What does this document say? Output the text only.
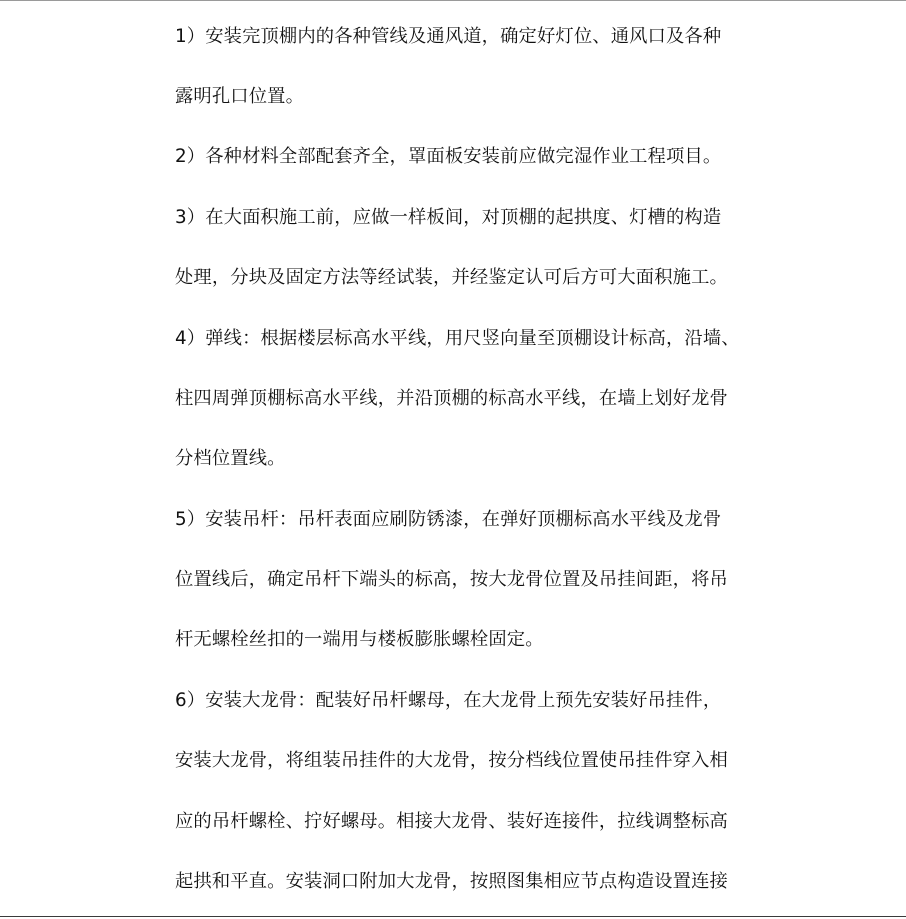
1）安装完顶棚内的各种管线及通风道，确定好灯位、通风口及各种
露明孔口位置。
2）各种材料全部配套齐全，罩面板安装前应做完湿作业工程项目。
3）在大面积施工前，应做一样板间，对顶棚的起拱度、灯槽的构造
处理，分块及固定方法等经试装，并经鉴定认可后方可大面积施工。
4）弹线：根据楼层标高水平线，用尺竖向量至顶棚设计标高，沿墙、
柱四周弹顶棚标高水平线，并沿顶棚的标高水平线，在墙上划好龙骨
分档位置线。
5）安装吊杆：吊杆表面应刷防锈漆，在弹好顶棚标高水平线及龙骨
位置线后，确定吊杆下端头的标高，按大龙骨位置及吊挂间距，将吊
杆无螺栓丝扣的一端用与楼板膨胀螺栓固定。
6）安装大龙骨：配装好吊杆螺母，在大龙骨上预先安装好吊挂件，
安装大龙骨，将组装吊挂件的大龙骨，按分档线位置使吊挂件穿入相
应的吊杆螺栓、拧好螺母。相接大龙骨、装好连接件，拉线调整标高
起拱和平直。安装洞口附加大龙骨，按照图集相应节点构造设置连接
